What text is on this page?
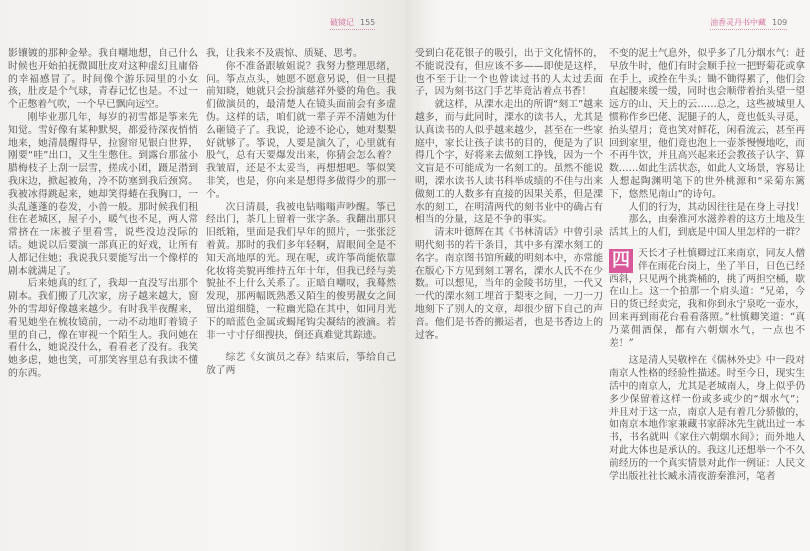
破镜记 155

影镶镀的那种金晕。我自嘲地想，自己什么时候也开始拍抚微圆肚皮对这种虚幻且庸俗的幸福感冒了。时间像个游乐园里的小女孩，肚皮是个气球，青春记忆也是。不过一个正憋着气吹，一个早已飘向远空。

刚毕业那几年，每岁的初雪都是筝来先知觉。雪好像有某种默契，都爱待深夜悄悄地来，她清晨醒得早，拉窗帘见银白世界，刚要“哇”出口，又生生憋住。到露台那盆小腊梅枝子上刮一层雪，搓成小团，蹑足潜到我床边，掀起被角，冷不防塞到我后颈窝。我被冰得跳起来，她却笑得蜷在我胸口，一头乱蓬蓬的卷发，小兽一般。那时候我们租住在老城区，屋子小，暖气也不足，两人常常挤在一床被子里看雪，说些没边没际的话。她说以后要演一部真正的好戏，让所有人都记住她；我说我只要能写出一个像样的剧本就满足了。

后来她真的红了，我却一直没写出那个剧本。我们搬了几次家，房子越来越大，窗外的雪却好像越来越少。有时我半夜醒来，看见她坐在梳妆镜前，一动不动地盯着镜子里的自己，像在审视一个陌生人。我问她在看什么，她说没什么，看看老了没有。我笑她多虑，她也笑，可那笑容里总有我读不懂的东西。

我，让我来不及震惊、质疑、思考。

你不准备跟敏姐说？我努力整理思绪，问。筝点点头，她愿不愿意另说，但一旦提前知晓，她就只会扮演慈祥外婆的角色。我们做演员的，最清楚人在镜头面前会有多虚伪。这样的话，咱们就一辈子弄不清她为什么砸镜子了。我说，论迹不论心，她对梨梨好就够了。筝说，人要是演久了，心里就有股气，总有天要爆发出来，你猜会怎么着？我皱眉，还是不太妥当，再想想吧。筝似笑非笑，也是，你向来是想得多做得少的那一个。

次日清晨，我被电钻嗡嗡声吵醒。筝已经出门，茶几上留着一张字条。我翻出那只旧纸箱，里面是我们早年的照片，一张张泛着黄。那时的我们多年轻啊，眉眼间全是不知天高地厚的光。现在呢，或许筝尚能依靠化妆将美貌再维持五年十年，但我已经与美貌扯不上什么关系了。正暗自嘲叹，我蓦然发现，那两幅既熟悉又陌生的俊男靓女之间留出道细缝，一粒幽光隐在其中，如同月光下的暗蓝色金属或蝎尾钩尖凝结的液滴。若非一寸寸仔细搜抉，倒还真难觉其踪迹。

综艺《女演员之春》结束后，筝给自己放了两

油香灵丹书中藏 109

受到白花花银子的吸引，出于文化情怀的，不能说没有，但应该不多——即使是这样，也不至于让一个也曾读过书的人太过丢面子，因为刻书这门手艺毕竟沾着点书香！

就这样，从溧水走出的所谓“刻工”越来越多，而与此同时，溧水的读书人，尤其是认真读书的人似乎越来越少，甚至在一些家庭中，家长让孩子读书的目的，便是为了识得几个字，好将来去做刻工挣钱，因为一个文盲是不可能成为一名刻工的。虽然不能说明，溧水读书人读书科举成绩的不佳与出来做刻工的人数多有直接的因果关系，但是溧水的刻工，在明清两代的刻书业中的确占有相当的分量，这是不争的事实。

清末叶德辉在其《书林清话》中曾引录明代刻书的若干条目，其中多有溧水刻工的名字。南京图书馆所藏的明刻本中，亦常能在版心下方见到刻工署名，溧水人氏不在少数。可以想见，当年的金陵书坊里，一代又一代的溧水刻工埋首于梨枣之间，一刀一刀地刻下了别人的文章，却很少留下自己的声音。他们是书香的搬运者，也是书香边上的过客。

不变的泥土气息外，似乎多了几分烟水气：赶早放牛时，他们有时会顺手拉一把野菊花或拿在手上，或拴在牛头；锄不锄得累了，他们会直起腰来缓一缓，同时也会顺带着抬头望一望远方的山、天上的云……总之，这些被城里人惯称作乡巴佬、泥腿子的人，竟也低头寻觅，抬头望月；竟也笑对鲜花，闲看流云，甚至再回到家里，他们竟也泡上一壶茶慢慢地吃，而不再牛饮，并且高兴起来还会教孩子认字、算数……如此生活状态，如此人文场景，容易让人想起陶渊明笔下的世外桃源和“采菊东篱下，悠然见南山”的诗句。

人们的行为，其动因往往是在身上寻找！

那么，由秦淮河水滋养着的这方土地及生活其上的人们，到底是中国人里怎样的一群？

四 天长才子杜慎卿过江来南京，同友人僧伴在雨花台岗上，坐了半日，日色已经西斜，只见两个挑粪桶的，挑了两担空桶，歇在山上。这一个拍那一个肩头道：“兄弟，今日的货已经卖完，我和你到永宁泉吃一壶水，回来再到雨花台看看落照。”杜慎卿笑道：“真乃菜佣酒保，都有六朝烟水气，一点也不差！”

这是清人吴敬梓在《儒林外史》中一段对南京人性格的经验性描述。时至今日，现实生活中的南京人，尤其是老城南人，身上似乎仍多少保留着这样一份或多或少的“烟水气”；并且对于这一点，南京人是有着几分骄傲的，如南京本地作家兼藏书家薛冰先生就出过一本书，书名就叫《家住六朝烟水间》；而外地人对此大体也是承认的。我这儿还想举一个不久前经历的一个真实情景对此作一例证：人民文学出版社社长臧永清夜游秦淮河，笔者
